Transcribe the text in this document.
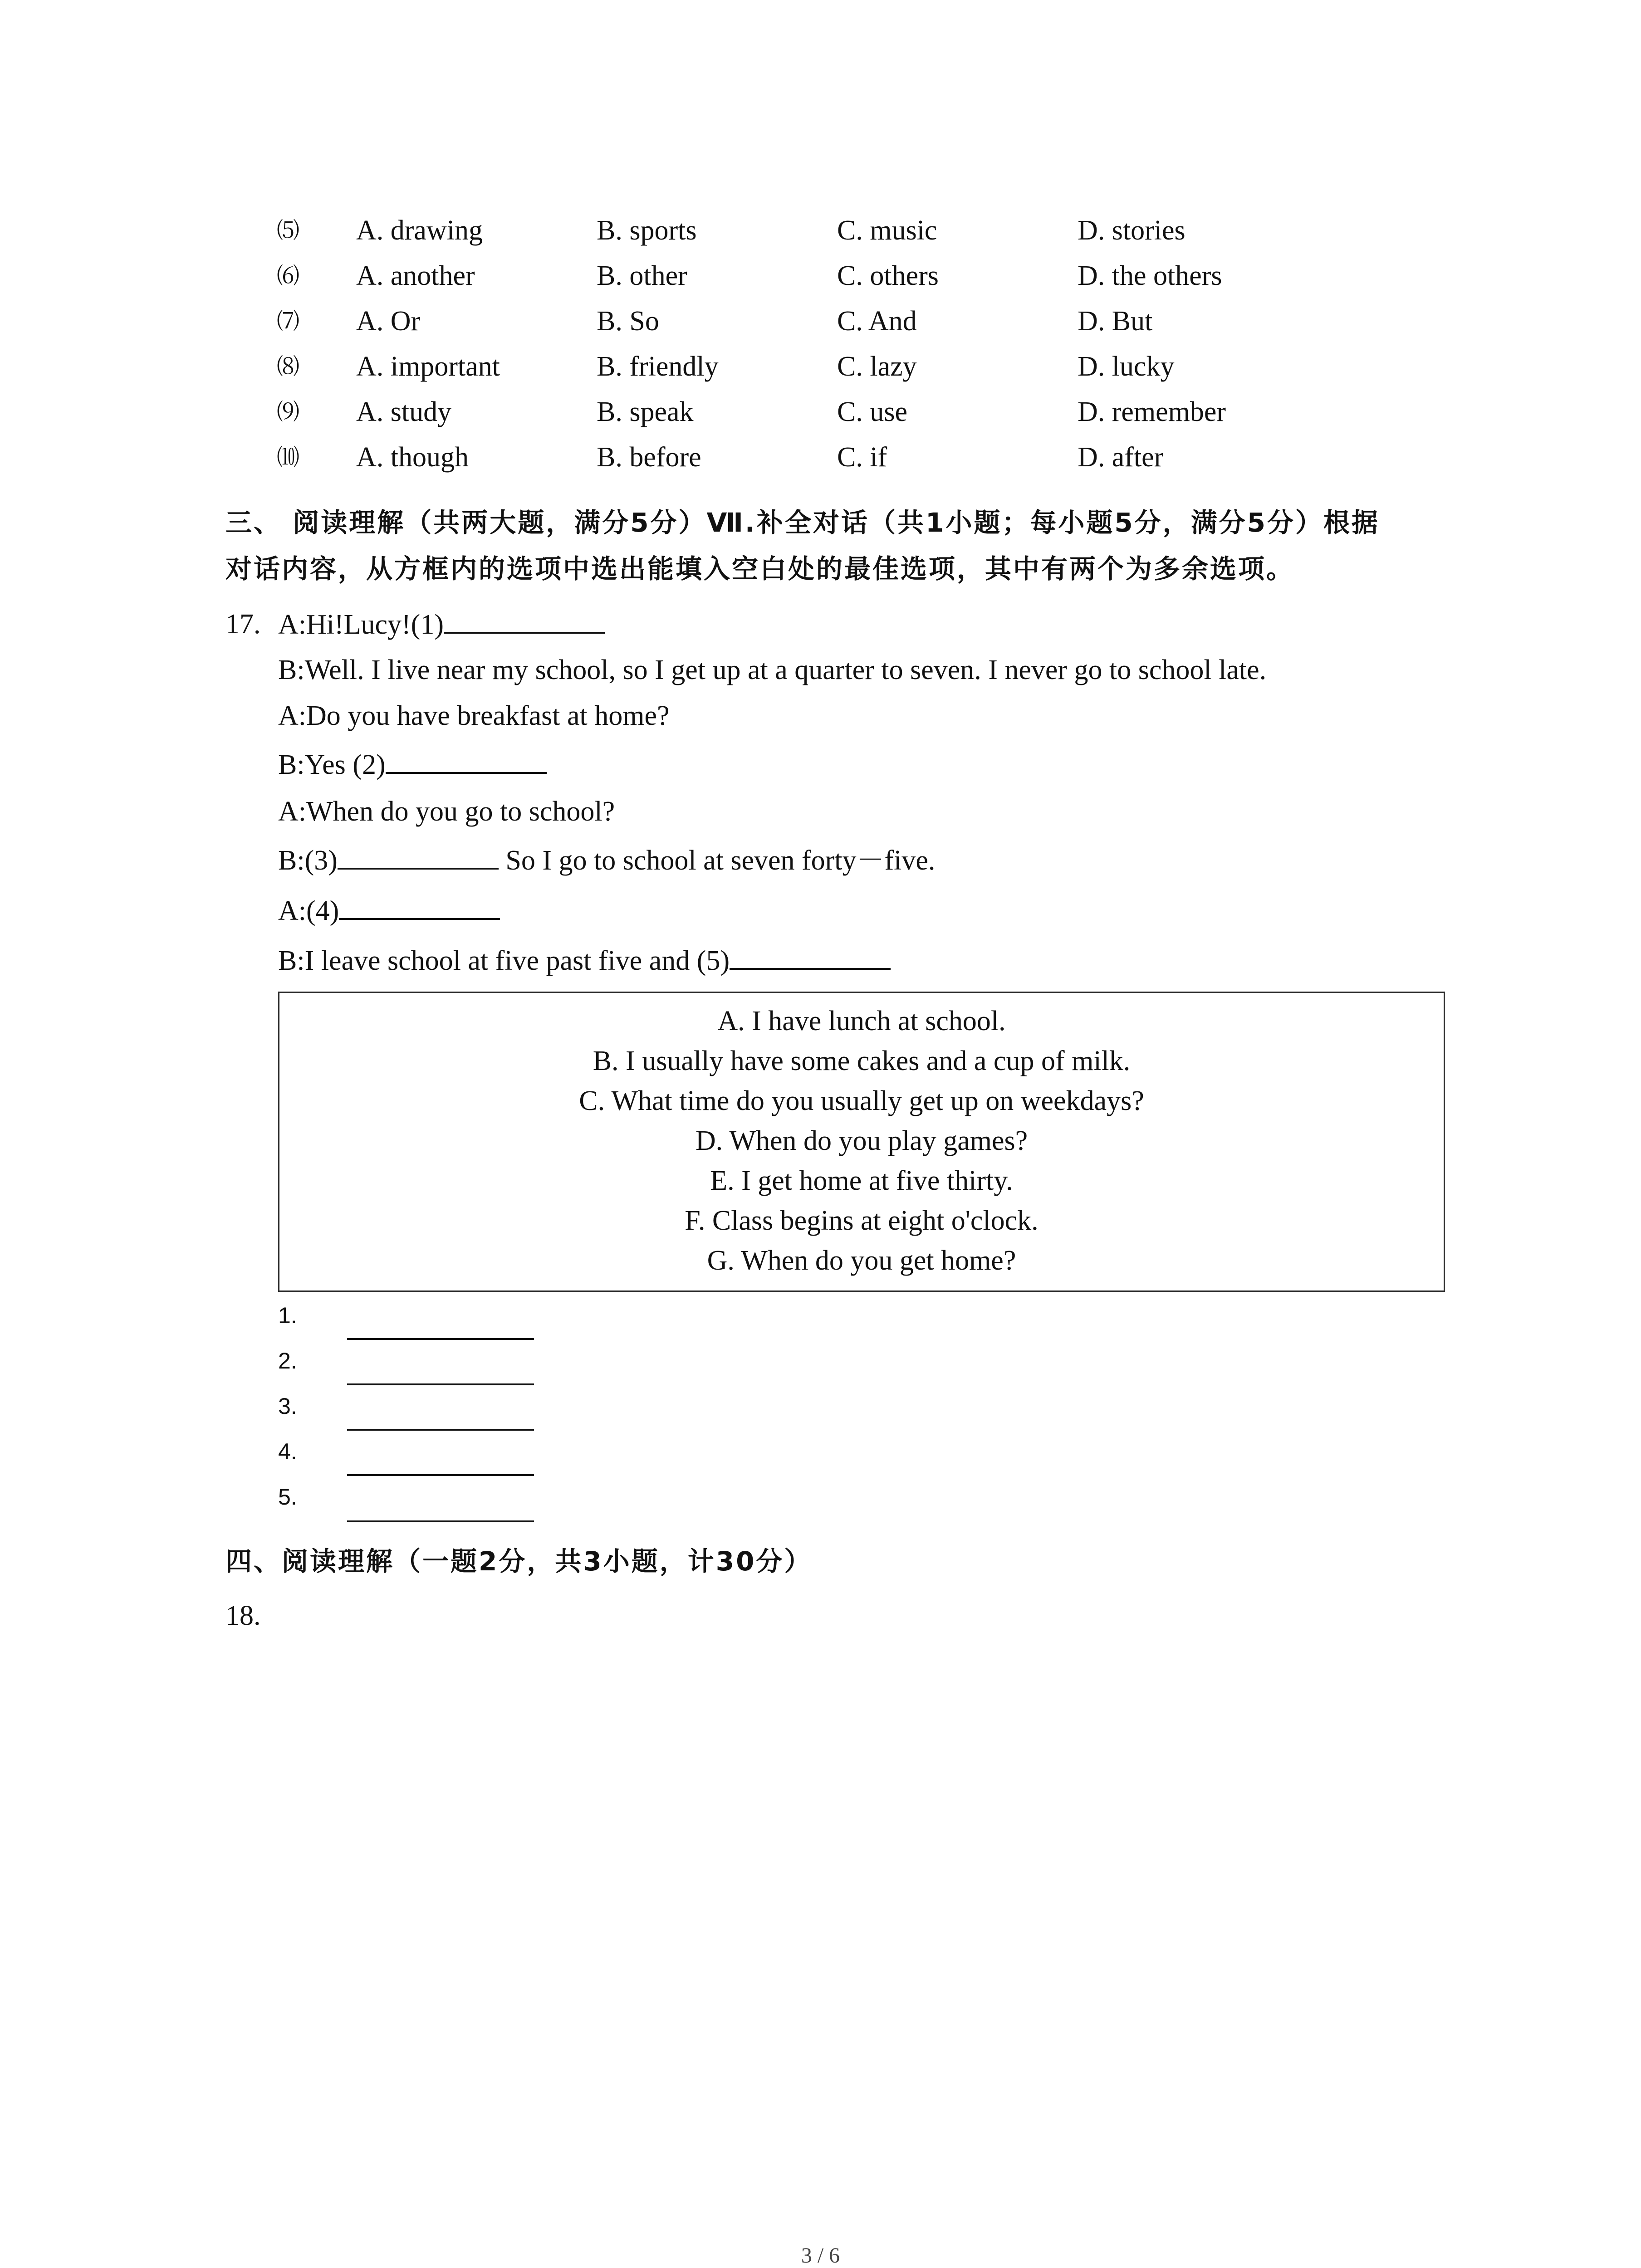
⑸ A. drawing	B. sports	C. music	D. stories
⑹ A. another	B. other	C. others	D. the others
⑺ A. Or	B. So	C. And	D. But
⑻ A. important	B. friendly	C. lazy	D. lucky
⑼ A. study	B. speak	C. use	D. remember
⑽ A. though	B. before	C. if	D. after
三、 阅读理解（共两大题，满分5分）Ⅶ.补全对话（共1小题；每小题5分，满分5分）根据
对话内容，从方框内的选项中选出能填入空白处的最佳选项，其中有两个为多余选项。
17. A:Hi!Lucy!(1)
B:Well. I live near my school, so I get up at a quarter to seven. I never go to school late.
A:Do you have breakfast at home?
B:Yes (2)
A:When do you go to school?
B:(3)	So I go to school at seven forty－five.
A:(4)
B:I leave school at five past five and (5)
A. I have lunch at school.
B. I usually have some cakes and a cup of milk.
C. What time do you usually get up on weekdays?
D. When do you play games?
E. I get home at five thirty.
F. Class begins at eight o'clock.
G. When do you get home?
1.
2.
3.
4.
5.
四、阅读理解（一题2分，共3小题，计30分）
18.
3 / 6
